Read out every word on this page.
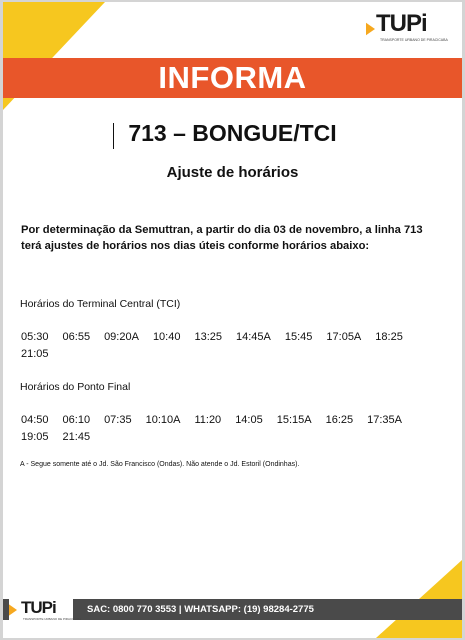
TUPi
TRANSPORTE URBANO DE PIRACICABA
INFORMA
713 – BONGUE/TCI
Ajuste de horários
Por determinação da Semuttran, a partir do dia 03 de novembro, a linha 713 terá ajustes de horários nos dias úteis conforme horários abaixo:
Horários do Terminal Central (TCI)
05:30 06:55 09:20A 10:40 13:25 14:45A 15:45 17:05A 18:2521:05
Horários do Ponto Final
04:50 06:10 07:35 10:10A 11:20 14:05 15:15A 16:25 17:35A19:05 21:45
A - Segue somente até o Jd. São Francisco (Ondas). Não atende o Jd. Estoril (Ondinhas).
SAC: 0800 770 3553 | WHATSAPP: (19) 98284-2775
TUPi
TRANSPORTE URBANO DE PIRACICABA
